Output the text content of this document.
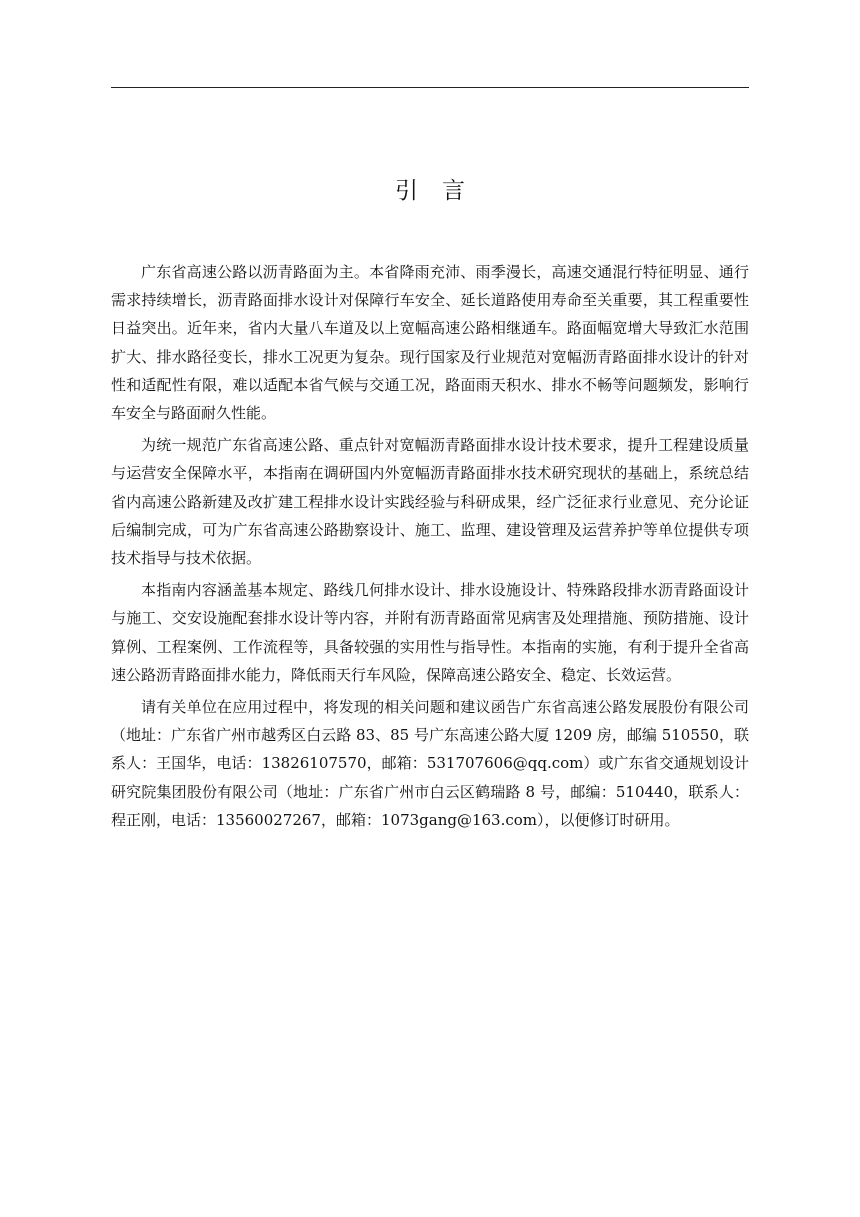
引言

广东省高速公路以沥青路面为主。本省降雨充沛、雨季漫长，高速交通混行特征明显、通行需求持续增长，沥青路面排水设计对保障行车安全、延长道路使用寿命至关重要，其工程重要性日益突出。近年来，省内大量八车道及以上宽幅高速公路相继通车。路面幅宽增大导致汇水范围扩大、排水路径变长，排水工况更为复杂。现行国家及行业规范对宽幅沥青路面排水设计的针对性和适配性有限，难以适配本省气候与交通工况，路面雨天积水、排水不畅等问题频发，影响行车安全与路面耐久性能。

为统一规范广东省高速公路、重点针对宽幅沥青路面排水设计技术要求，提升工程建设质量与运营安全保障水平，本指南在调研国内外宽幅沥青路面排水技术研究现状的基础上，系统总结省内高速公路新建及改扩建工程排水设计实践经验与科研成果，经广泛征求行业意见、充分论证后编制完成，可为广东省高速公路勘察设计、施工、监理、建设管理及运营养护等单位提供专项技术指导与技术依据。

本指南内容涵盖基本规定、路线几何排水设计、排水设施设计、特殊路段排水沥青路面设计与施工、交安设施配套排水设计等内容，并附有沥青路面常见病害及处理措施、预防措施、设计算例、工程案例、工作流程等，具备较强的实用性与指导性。本指南的实施，有利于提升全省高速公路沥青路面排水能力，降低雨天行车风险，保障高速公路安全、稳定、长效运营。

请有关单位在应用过程中，将发现的相关问题和建议函告广东省高速公路发展股份有限公司（地址：广东省广州市越秀区白云路 83、85 号广东高速公路大厦 1209 房，邮编 510550，联系人：王国华，电话：13826107570，邮箱：531707606@qq.com）或广东省交通规划设计研究院集团股份有限公司（地址：广东省广州市白云区鹤瑞路 8 号，邮编：510440，联系人：程正刚，电话：13560027267，邮箱：1073gang@163.com），以便修订时研用。
